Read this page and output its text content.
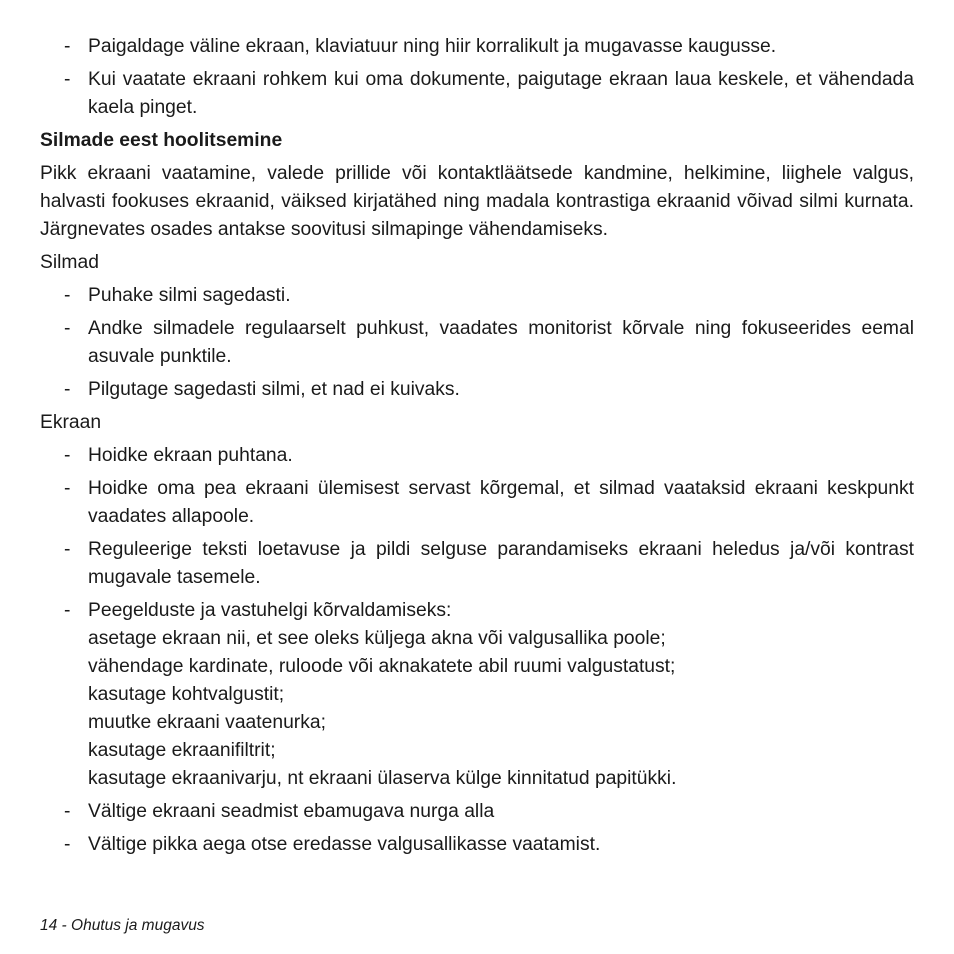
- Paigaldage väline ekraan, klaviatuur ning hiir korralikult ja mugavasse kaugusse.
- Kui vaatate ekraani rohkem kui oma dokumente, paigutage ekraan laua keskele, et vähendada kaela pinget.
Silmade eest hoolitsemine
Pikk ekraani vaatamine, valede prillide või kontaktläätsede kandmine, helkimine, liighele valgus, halvasti fookuses ekraanid, väiksed kirjatähed ning madala kontrastiga ekraanid võivad silmi kurnata. Järgnevates osades antakse soovitusi silmapinge vähendamiseks.
Silmad
- Puhake silmi sagedasti.
- Andke silmadele regulaarselt puhkust, vaadates monitorist kõrvale ning fokuseerides eemal asuvale punktile.
- Pilgutage sagedasti silmi, et nad ei kuivaks.
Ekraan
- Hoidke ekraan puhtana.
- Hoidke oma pea ekraani ülemisest servast kõrgemal, et silmad vaataksid ekraani keskpunkt vaadates allapoole.
- Reguleerige teksti loetavuse ja pildi selguse parandamiseks ekraani heledus ja/või kontrast mugavale tasemele.
- Peegelduste ja vastuhelgi kõrvaldamiseks:
asetage ekraan nii, et see oleks küljega akna või valgusallika poole;
vähendage kardinate, ruloode või aknakatete abil ruumi valgustatust;
kasutage kohtvalgustit;
muutke ekraani vaatenurka;
kasutage ekraanifiltrit;
kasutage ekraanivarju, nt ekraani ülaserva külge kinnitatud papitükki.
- Vältige ekraani seadmist ebamugava nurga alla
- Vältige pikka aega otse eredasse valgusallikasse vaatamist.
14 - Ohutus ja mugavus
